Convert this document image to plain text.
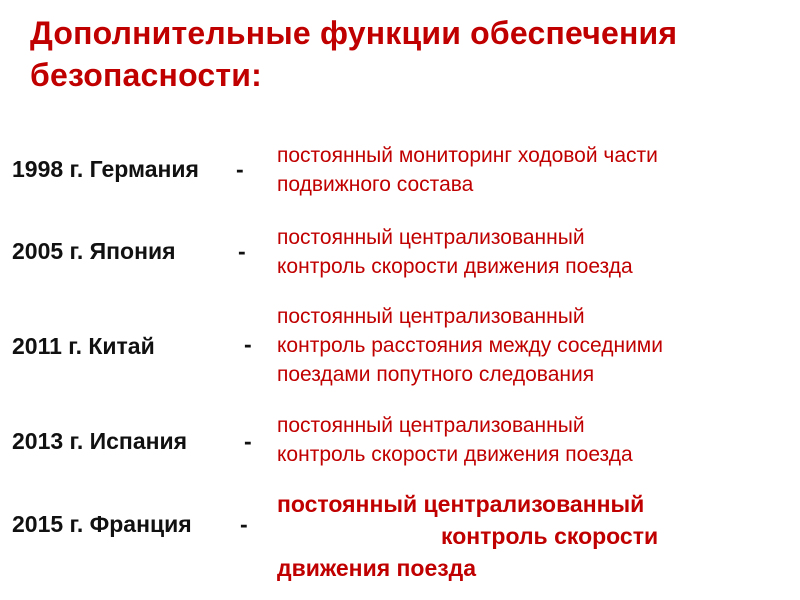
Дополнительные функции обеспечения
безопасности:
1998 г. Германия -
постоянный мониторинг ходовой части
подвижного состава
2005 г. Япония	-
постоянный централизованный
контроль скорости движения поезда
2011 г. Китай	-
постоянный централизованный
контроль расстояния между соседними
поездами попутного следования
2013 г. Испания -
постоянный централизованный
контроль скорости движения поезда
2015 г. Франция -
постоянный централизованный
контроль скорости
движения поезда
